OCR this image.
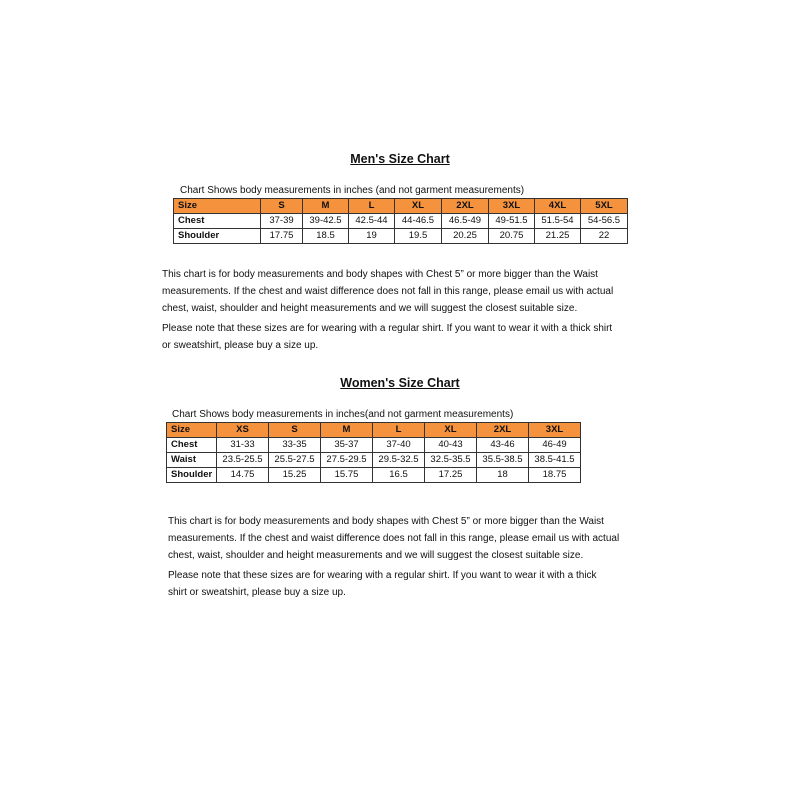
Men's Size Chart

Chart Shows body measurements in inches (and not garment measurements)

Size	S	M	L	XL	2XL	3XL	4XL	5XL
Chest	37-39	39-42.5	42.5-44	44-46.5	46.5-49	49-51.5	51.5-54	54-56.5
Shoulder	17.75	18.5	19	19.5	20.25	20.75	21.25	22
This chart is for body measurements and body shapes with Chest 5” or more bigger than the Waist
measurements. If the chest and waist difference does not fall in this range, please email us with actual
chest, waist, shoulder and height measurements and we will suggest the closest suitable size.
Please note that these sizes are for wearing with a regular shirt. If you want to wear it with a thick shirt
or sweatshirt, please buy a size up.
Women's Size Chart

Chart Shows body measurements in inches(and not garment measurements)

Size	XS	S	M	L	XL	2XL	3XL
Chest	31-33	33-35	35-37	37-40	40-43	43-46	46-49
Waist	23.5-25.5	25.5-27.5	27.5-29.5	29.5-32.5	32.5-35.5	35.5-38.5	38.5-41.5
Shoulder	14.75	15.25	15.75	16.5	17.25	18	18.75
This chart is for body measurements and body shapes with Chest 5” or more bigger than the Waist
measurements. If the chest and waist difference does not fall in this range, please email us with actual
chest, waist, shoulder and height measurements and we will suggest the closest suitable size.
Please note that these sizes are for wearing with a regular shirt. If you want to wear it with a thick
shirt or sweatshirt, please buy a size up.
